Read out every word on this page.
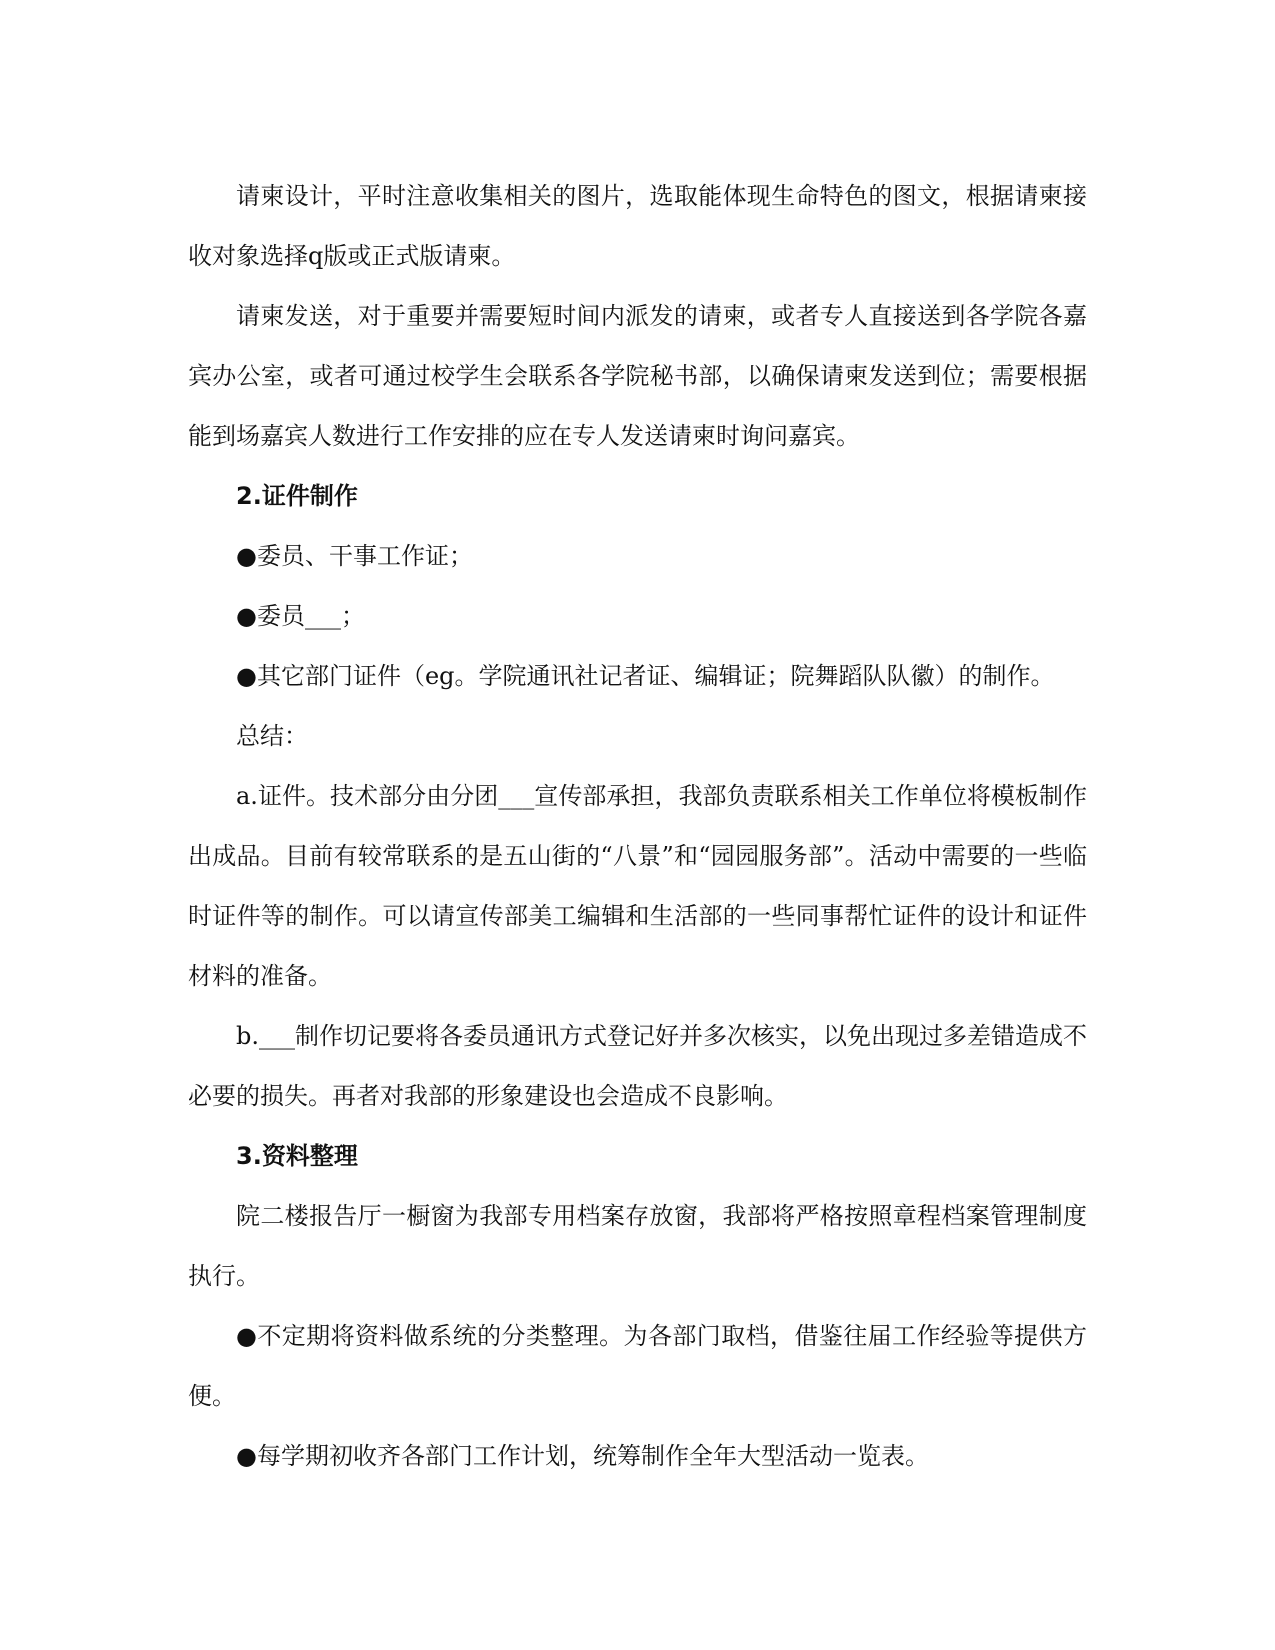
请柬设计，平时注意收集相关的图片，选取能体现生命特色的图文，根据请柬接收对象选择q版或正式版请柬。

请柬发送，对于重要并需要短时间内派发的请柬，或者专人直接送到各学院各嘉宾办公室，或者可通过校学生会联系各学院秘书部，以确保请柬发送到位；需要根据能到场嘉宾人数进行工作安排的应在专人发送请柬时询问嘉宾。

2.证件制作

●委员、干事工作证；

●委员___；

●其它部门证件（eg。学院通讯社记者证、编辑证；院舞蹈队队徽）的制作。

总结：

a.证件。技术部分由分团___宣传部承担，我部负责联系相关工作单位将模板制作出成品。目前有较常联系的是五山街的“八景”和“园园服务部”。活动中需要的一些临时证件等的制作。可以请宣传部美工编辑和生活部的一些同事帮忙证件的设计和证件材料的准备。

b.___制作切记要将各委员通讯方式登记好并多次核实，以免出现过多差错造成不必要的损失。再者对我部的形象建设也会造成不良影响。

3.资料整理

院二楼报告厅一橱窗为我部专用档案存放窗，我部将严格按照章程档案管理制度执行。

●不定期将资料做系统的分类整理。为各部门取档，借鉴往届工作经验等提供方便。

●每学期初收齐各部门工作计划，统筹制作全年大型活动一览表。
